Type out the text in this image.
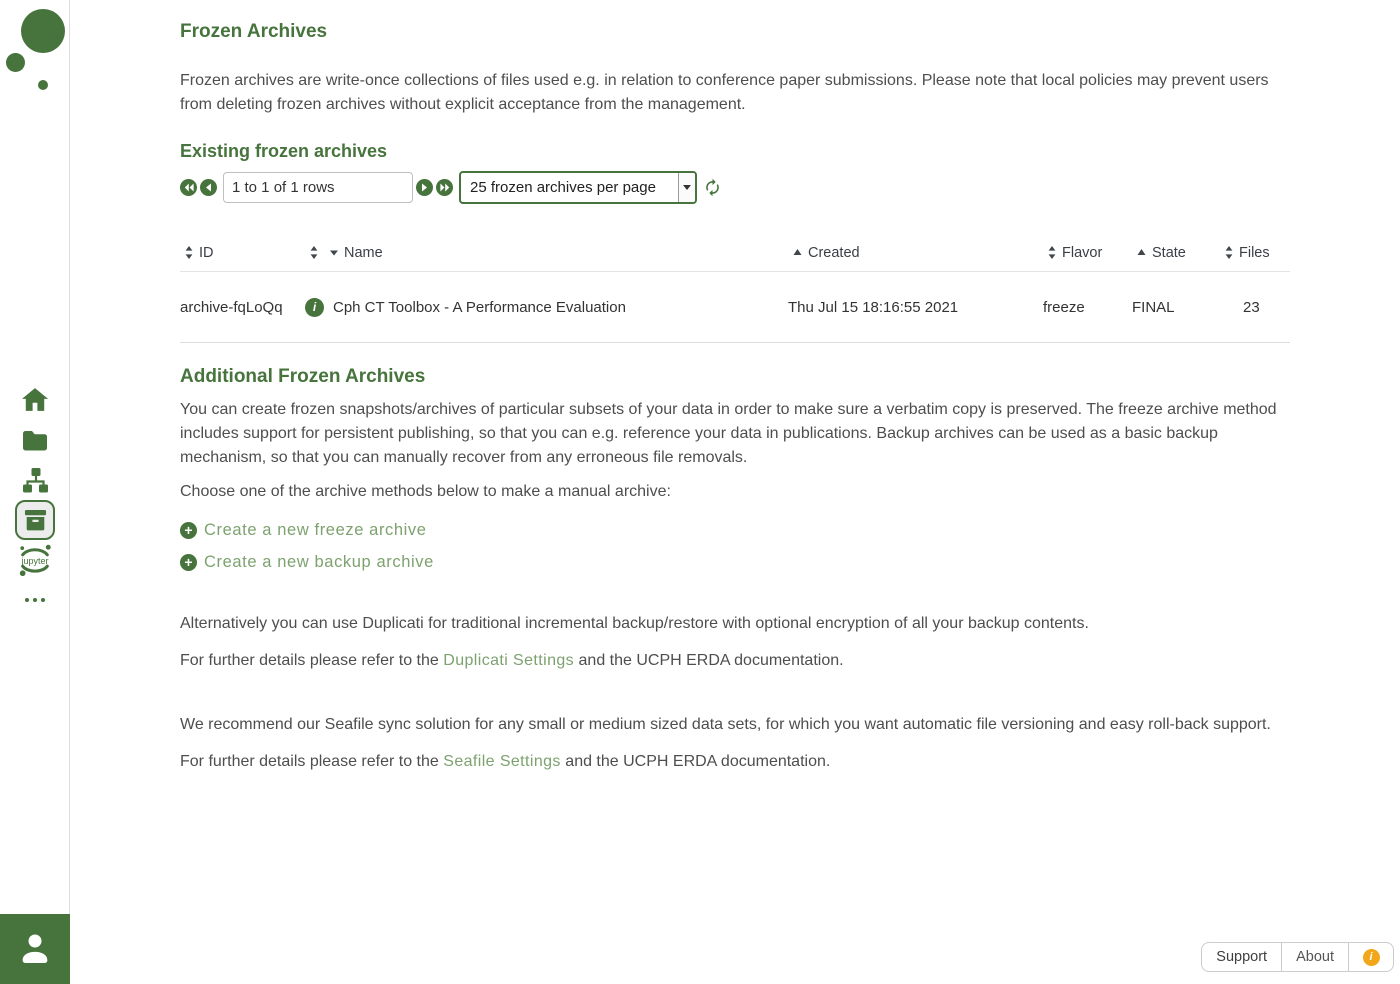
jupyter
Frozen Archives

Frozen archives are write-once collections of files used e.g. in relation to conference paper submissions. Please note that local policies may prevent users from deleting frozen archives without explicit acceptance from the management.

Existing frozen archives
1 to 1 of 1 rows
25 frozen archives per page
ID	Name	Created	Flavor	State	Files
archive-fqLoQq	i	Cph CT Toolbox - A Performance Evaluation	Thu Jul 15 18:16:55 2021	freeze	FINAL	23
Additional Frozen Archives

You can create frozen snapshots/archives of particular subsets of your data in order to make sure a verbatim copy is preserved. The freeze archive method includes support for persistent publishing, so that you can e.g. reference your data in publications. Backup archives can be used as a basic backup mechanism, so that you can manually recover from any erroneous file removals.

Choose one of the archive methods below to make a manual archive:

+ Create a new freeze archive
+ Create a new backup archive

Alternatively you can use Duplicati for traditional incremental backup/restore with optional encryption of all your backup contents.

For further details please refer to the Duplicati Settings and the UCPH ERDA documentation.

We recommend our Seafile sync solution for any small or medium sized data sets, for which you want automatic file versioning and easy roll-back support.

For further details please refer to the Seafile Settings and the UCPH ERDA documentation.

Support	About	i
